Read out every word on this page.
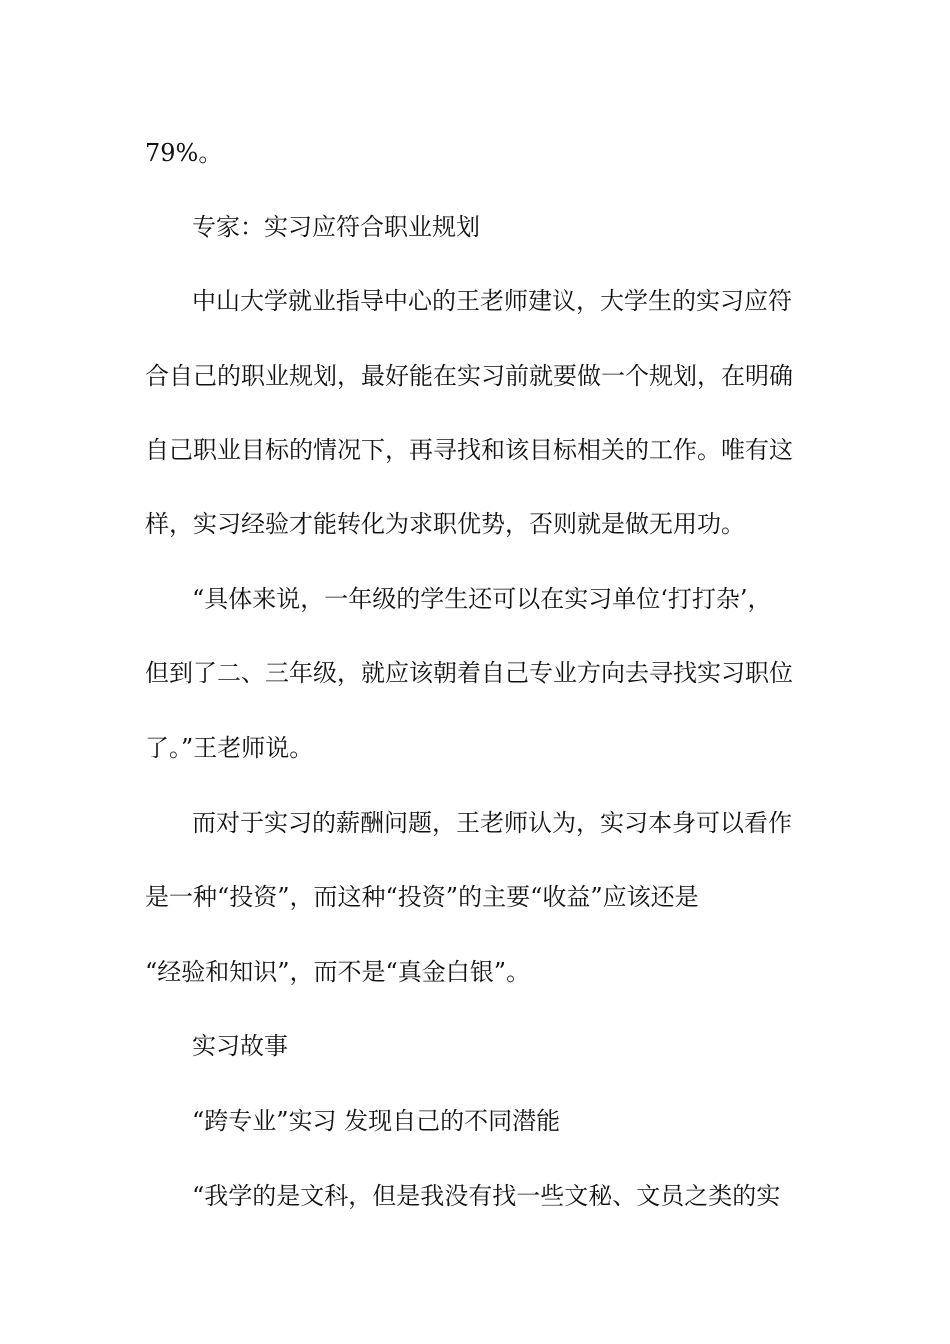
79%。
专家：实习应符合职业规划
中山大学就业指导中心的王老师建议，大学生的实习应符
合自己的职业规划，最好能在实习前就要做一个规划，在明确
自己职业目标的情况下，再寻找和该目标相关的工作。唯有这
样，实习经验才能转化为求职优势，否则就是做无用功。
“具体来说，一年级的学生还可以在实习单位‘打打杂’，
但到了二、三年级，就应该朝着自己专业方向去寻找实习职位
了。”王老师说。
而对于实习的薪酬问题，王老师认为，实习本身可以看作
是一种“投资”，而这种“投资”的主要“收益”应该还是
“经验和知识”，而不是“真金白银”。
实习故事
“跨专业”实习 发现自己的不同潜能
“我学的是文科，但是我没有找一些文秘、文员之类的实
